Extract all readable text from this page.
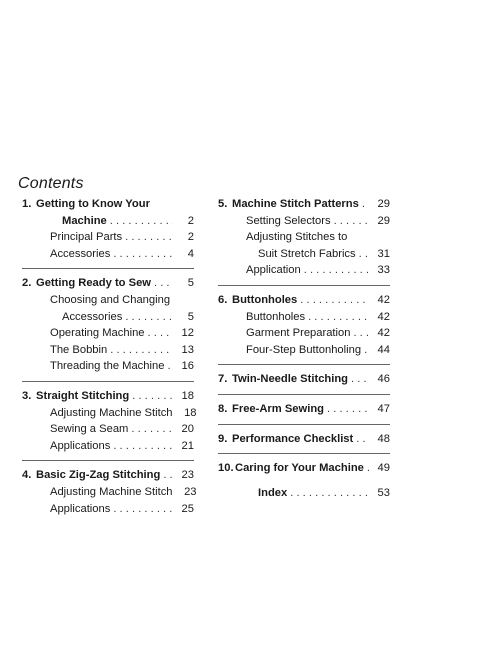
Contents
1. Getting to Know Your
Machine . . .	2
Principal Parts . . .	2
Accessories . . .	4
2. Getting Ready to Sew . . .	5
Choosing and Changing
Accessories . . .	5
Operating Machine . . .	12
The Bobbin . . .	13
Threading the Machine . . .	16
3. Straight Stitching . . .	18
Adjusting Machine Stitch	18
Sewing a Seam . . .	20
Applications . . .	21
4. Basic Zig-Zag Stitching . . .	23
Adjusting Machine Stitch	23
Applications . . .	25
5. Machine Stitch Patterns . . .	29
Setting Selectors . . .	29
Adjusting Stitches to
Suit Stretch Fabrics . . .	31
Application . . .	33
6. Buttonholes . . .	42
Buttonholes . . .	42
Garment Preparation . . .	42
Four-Step Buttonholing . . .	44
7. Twin-Needle Stitching . . .	46
8. Free-Arm Sewing . . .	47
9. Performance Checklist . . .	48
10. Caring for Your Machine . . .	49
Index . . .	53
